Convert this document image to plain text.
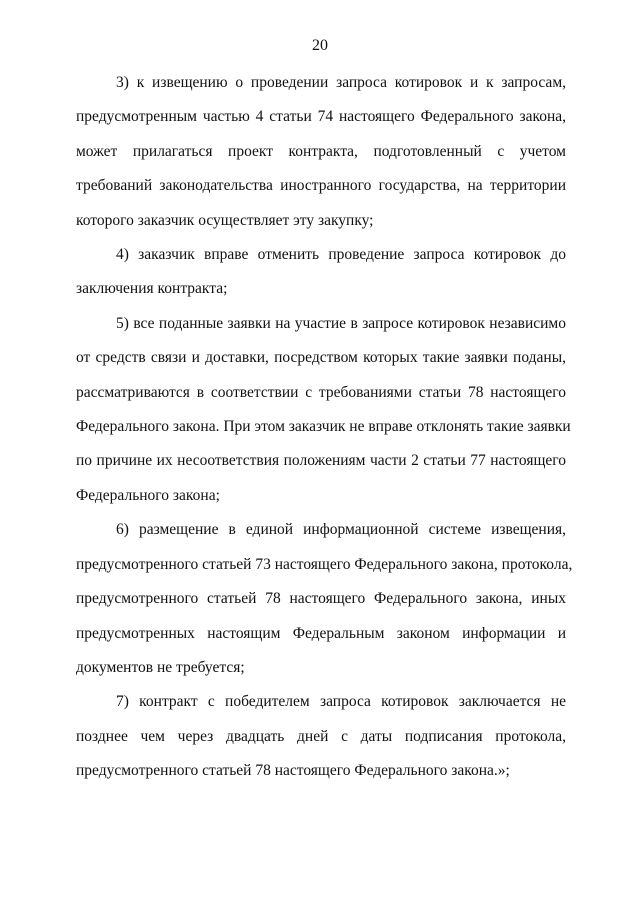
20

3) к извещению о проведении запроса котировок и к запросам,
предусмотренным частью 4 статьи 74 настоящего Федерального закона,
может прилагаться проект контракта, подготовленный с учетом
требований законодательства иностранного государства, на территории
которого заказчик осуществляет эту закупку;

4) заказчик вправе отменить проведение запроса котировок до
заключения контракта;

5) все поданные заявки на участие в запросе котировок независимо
от средств связи и доставки, посредством которых такие заявки поданы,
рассматриваются в соответствии с требованиями статьи 78 настоящего
Федерального закона. При этом заказчик не вправе отклонять такие заявки
по причине их несоответствия положениям части 2 статьи 77 настоящего
Федерального закона;

6) размещение в единой информационной системе извещения,
предусмотренного статьей 73 настоящего Федерального закона, протокола,
предусмотренного статьей 78 настоящего Федерального закона, иных
предусмотренных настоящим Федеральным законом информации и
документов не требуется;

7) контракт с победителем запроса котировок заключается не
позднее чем через двадцать дней с даты подписания протокола,
предусмотренного статьей 78 настоящего Федерального закона.»;
